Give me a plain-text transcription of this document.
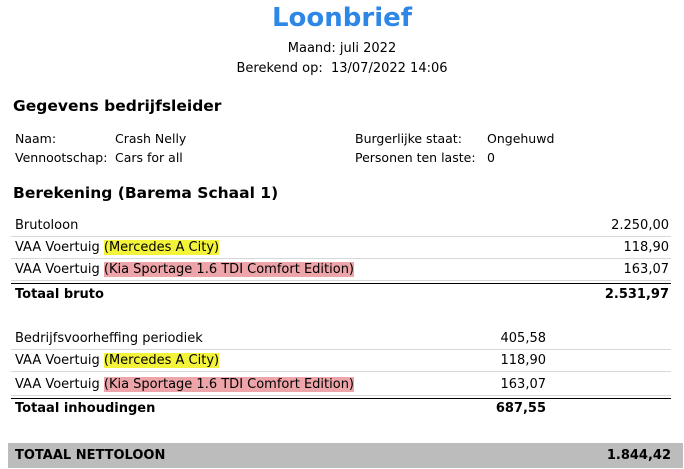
Loonbrief
Maand: juli 2022
Berekend op: 13/07/2022 14:06
Gegevens bedrijfsleider
Naam:	Crash Nelly	Burgerlijke staat: Ongehuwd
Vennootschap: Cars for all	Personen ten laste: 0
Berekening (Barema Schaal 1)
Brutoloon	2.250,00
VAA Voertuig (Mercedes A City)	118,90
VAA Voertuig (Kia Sportage 1.6 TDI Comfort Edition)	163,07
Totaal bruto	2.531,97
Bedrijfsvoorheffing periodiek	405,58
VAA Voertuig (Mercedes A City)	118,90
VAA Voertuig (Kia Sportage 1.6 TDI Comfort Edition)	163,07
Totaal inhoudingen	687,55
TOTAAL NETTOLOON	1.844,42
